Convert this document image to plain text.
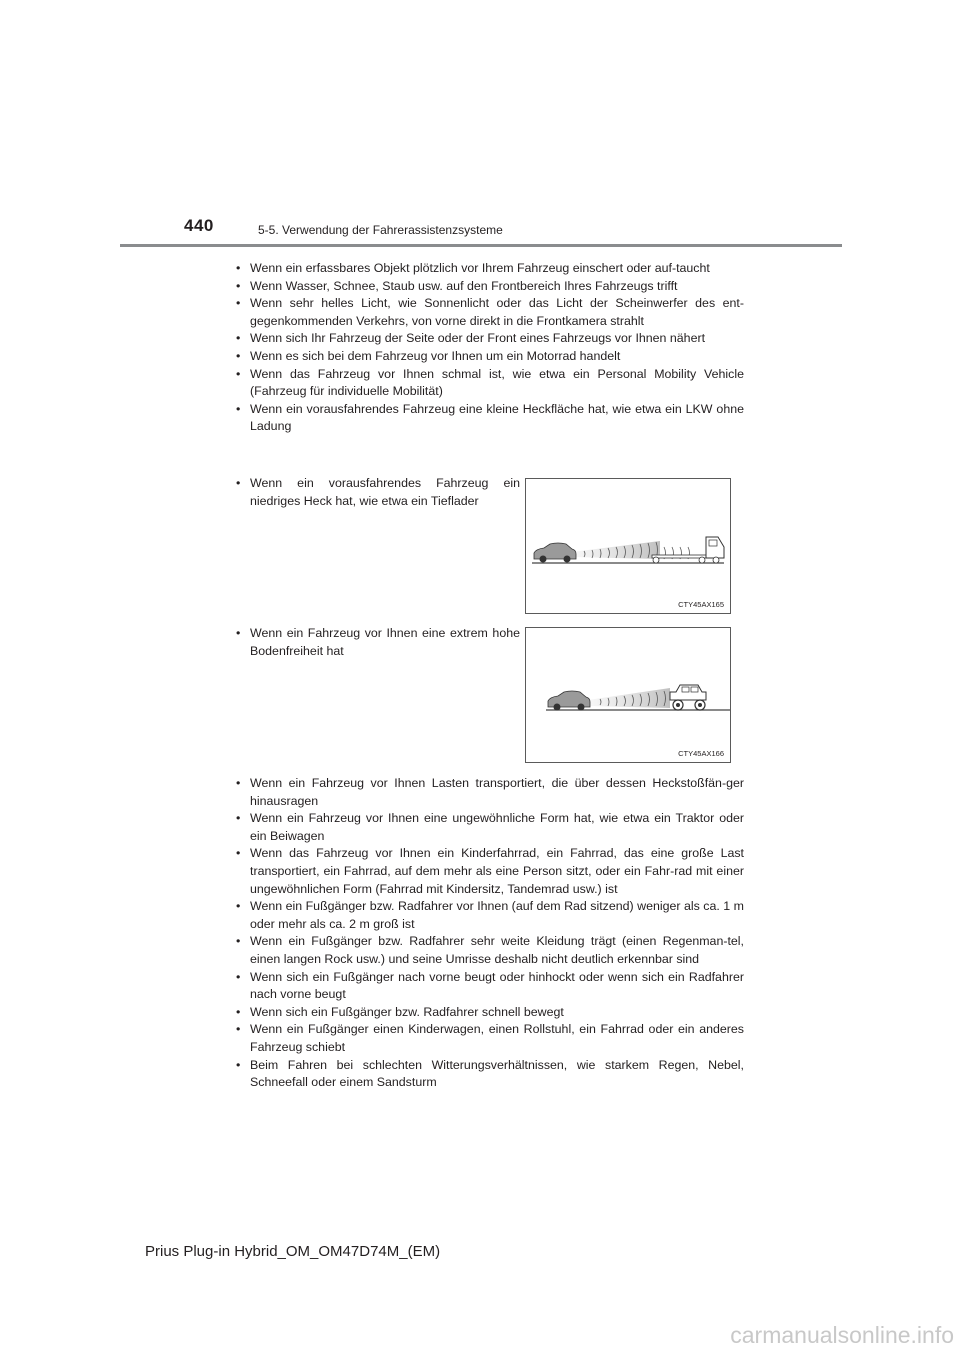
440	5-5. Verwendung der Fahrerassistenzsysteme
• Wenn ein erfassbares Objekt plötzlich vor Ihrem Fahrzeug einschert oder auf-taucht
• Wenn Wasser, Schnee, Staub usw. auf den Frontbereich Ihres Fahrzeugs trifft
• Wenn sehr helles Licht, wie Sonnenlicht oder das Licht der Scheinwerfer des ent-gegenkommenden Verkehrs, von vorne direkt in die Frontkamera strahlt
• Wenn sich Ihr Fahrzeug der Seite oder der Front eines Fahrzeugs vor Ihnen nähert
• Wenn es sich bei dem Fahrzeug vor Ihnen um ein Motorrad handelt
• Wenn das Fahrzeug vor Ihnen schmal ist, wie etwa ein Personal Mobility Vehicle (Fahrzeug für individuelle Mobilität)
• Wenn ein vorausfahrendes Fahrzeug eine kleine Heckfläche hat, wie etwa ein LKW ohne Ladung
• Wenn ein vorausfahrendes Fahrzeug ein niedriges Heck hat, wie etwa ein Tieflader
CTY45AX165
• Wenn ein Fahrzeug vor Ihnen eine extrem hohe Bodenfreiheit hat
CTY45AX166
• Wenn ein Fahrzeug vor Ihnen Lasten transportiert, die über dessen Heckstoßfän-ger hinausragen
• Wenn ein Fahrzeug vor Ihnen eine ungewöhnliche Form hat, wie etwa ein Traktor oder ein Beiwagen
• Wenn das Fahrzeug vor Ihnen ein Kinderfahrrad, ein Fahrrad, das eine große Last transportiert, ein Fahrrad, auf dem mehr als eine Person sitzt, oder ein Fahr-rad mit einer ungewöhnlichen Form (Fahrrad mit Kindersitz, Tandemrad usw.) ist
• Wenn ein Fußgänger bzw. Radfahrer vor Ihnen (auf dem Rad sitzend) weniger als ca. 1 m oder mehr als ca. 2 m groß ist
• Wenn ein Fußgänger bzw. Radfahrer sehr weite Kleidung trägt (einen Regenman-tel, einen langen Rock usw.) und seine Umrisse deshalb nicht deutlich erkennbar sind
• Wenn sich ein Fußgänger nach vorne beugt oder hinhockt oder wenn sich ein Radfahrer nach vorne beugt
• Wenn sich ein Fußgänger bzw. Radfahrer schnell bewegt
• Wenn ein Fußgänger einen Kinderwagen, einen Rollstuhl, ein Fahrrad oder ein anderes Fahrzeug schiebt
• Beim Fahren bei schlechten Witterungsverhältnissen, wie starkem Regen, Nebel, Schneefall oder einem Sandsturm
Prius Plug-in Hybrid_OM_OM47D74M_(EM)
carmanualsonline.info
